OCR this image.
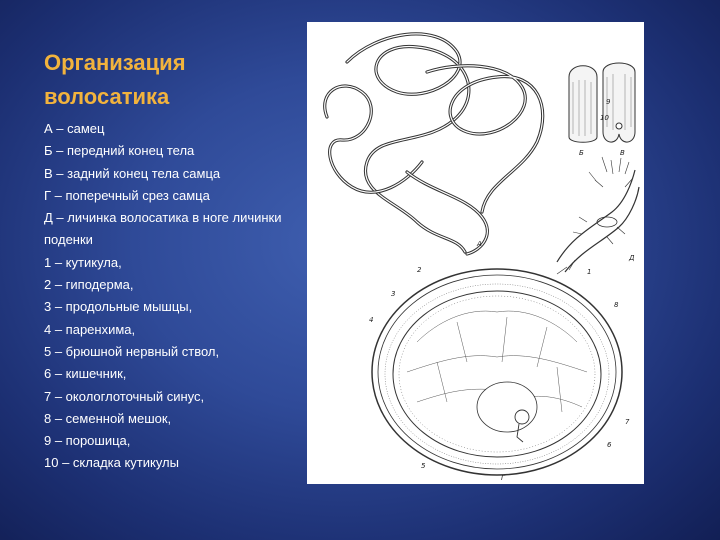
Организация
волосатика
А – самец
Б – передний конец тела
В – задний конец тела самца
Г – поперечный срез самца
Д – личинка волосатика в ноге личинки поденки
1 – кутикула,
2 – гиподерма,
3 – продольные мышцы,
4 – паренхима,
5 – брюшной нервный ствол,
6 – кишечник,
7 – окологлоточный синус,
8 – семенной мешок,
9 – порошица,
10 – складка кутикулы
А
Б	В
9
10
Д
2
3
4
5
6
7
8
1
Г
